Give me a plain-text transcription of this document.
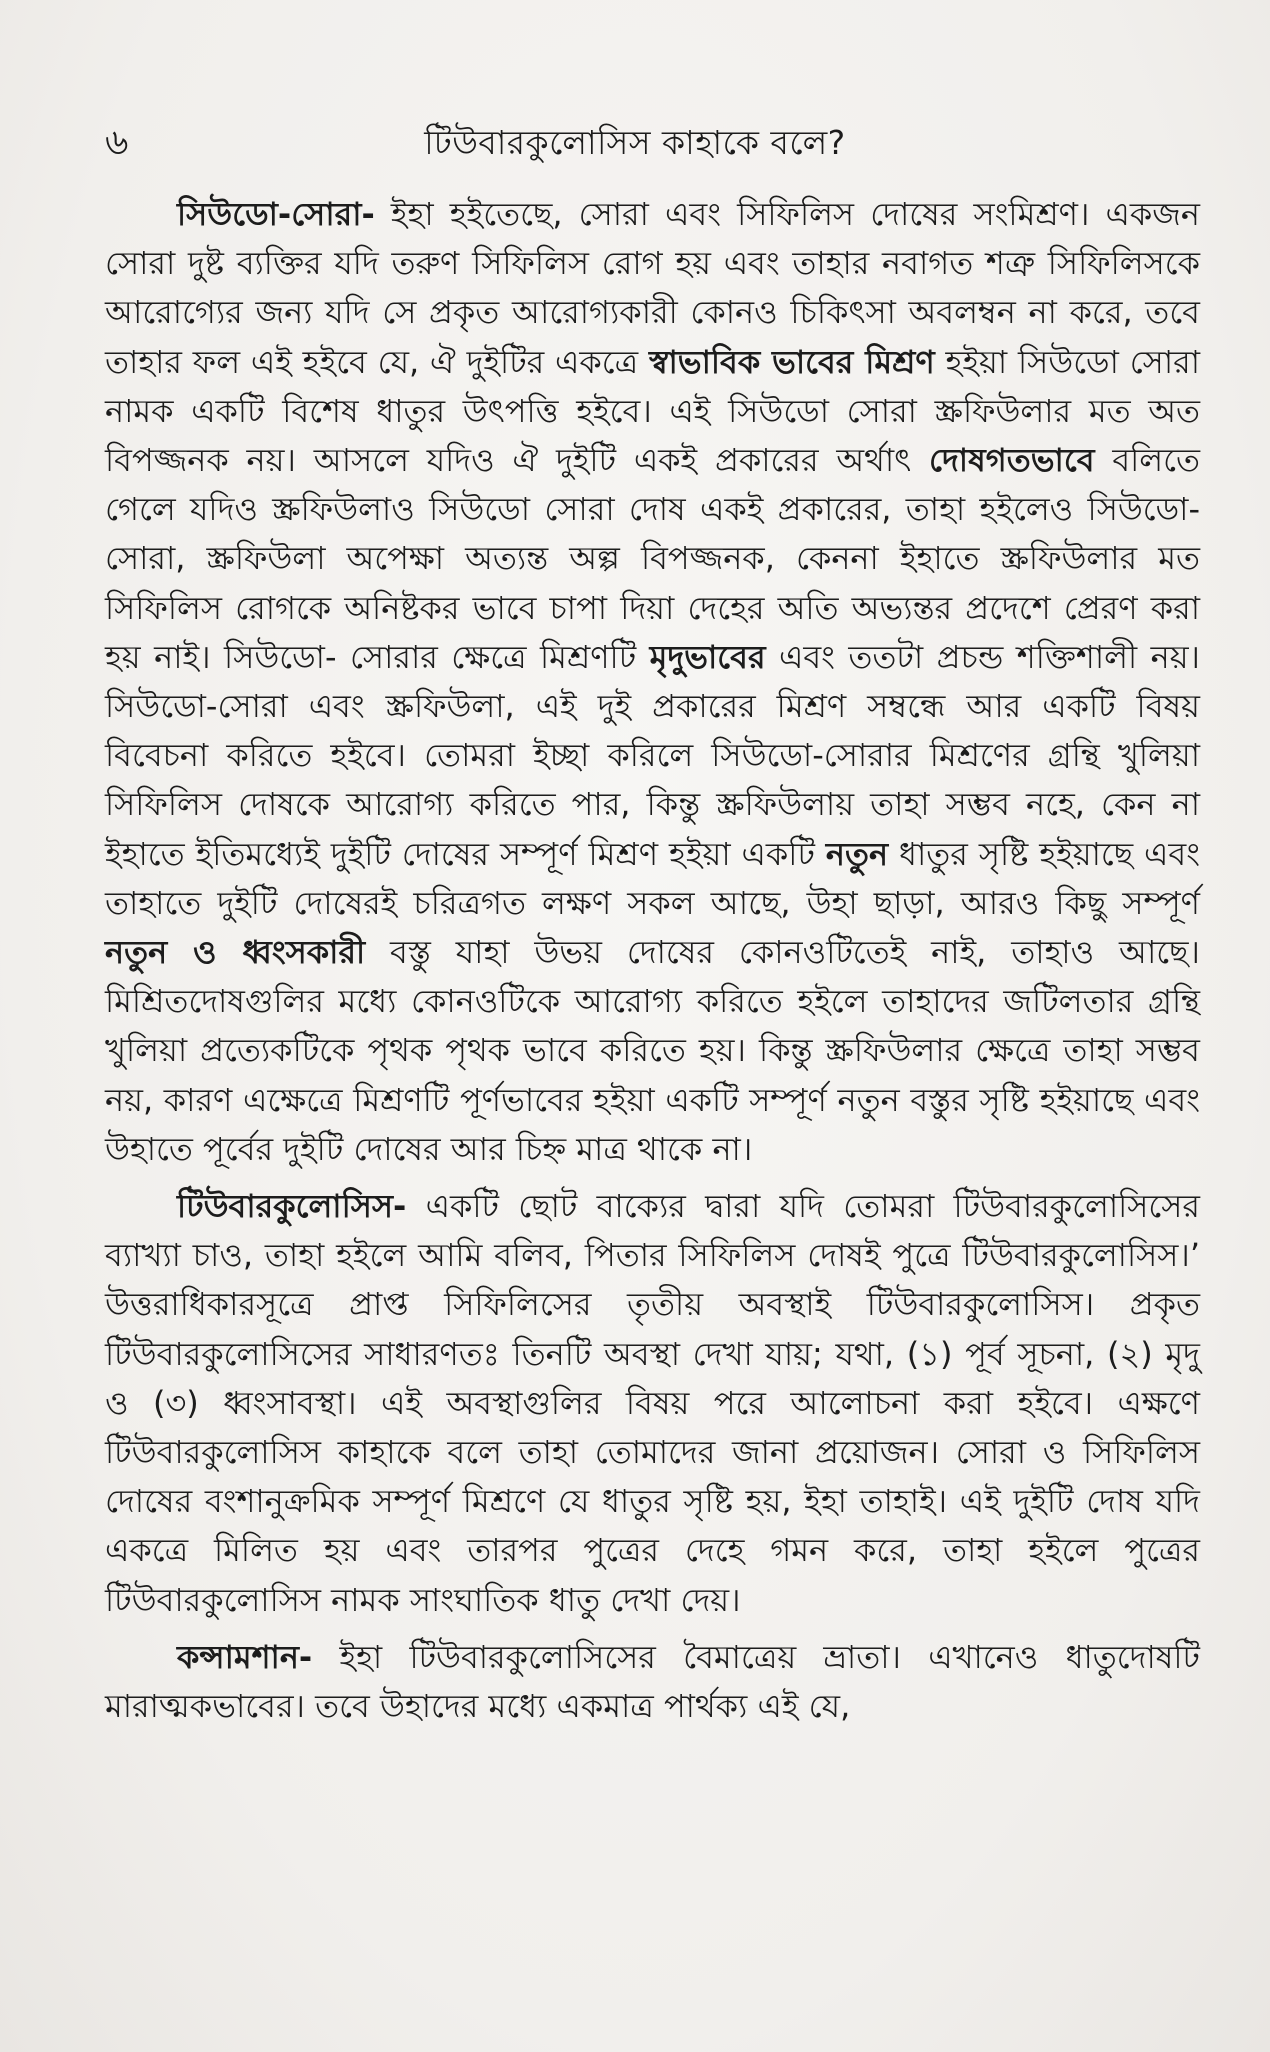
৬	টিউবারকুলোসিস কাহাকে বলে?

সিউডো-সোরা- ইহা হইতেছে, সোরা এবং সিফিলিস দোষের সংমিশ্রণ। একজন সোরা দুষ্ট ব্যক্তির যদি তরুণ সিফিলিস রোগ হয় এবং তাহার নবাগত শত্রু সিফিলিসকে আরোগ্যের জন্য যদি সে প্রকৃত আরোগ্যকারী কোনও চিকিৎসা অবলম্বন না করে, তবে তাহার ফল এই হইবে যে, ঐ দুইটির একত্রে স্বাভাবিক ভাবের মিশ্রণ হইয়া সিউডো সোরা নামক একটি বিশেষ ধাতুর উৎপত্তি হইবে। এই সিউডো সোরা স্ক্রফিউলার মত অত বিপজ্জনক নয়। আসলে যদিও ঐ দুইটি একই প্রকারের অর্থাৎ দোষগতভাবে বলিতে গেলে যদিও স্ক্রফিউলাও সিউডো সোরা দোষ একই প্রকারের, তাহা হইলেও সিউডো-সোরা, স্ক্রফিউলা অপেক্ষা অত্যন্ত অল্প বিপজ্জনক, কেননা ইহাতে স্ক্রফিউলার মত সিফিলিস রোগকে অনিষ্টকর ভাবে চাপা দিয়া দেহের অতি অভ্যন্তর প্রদেশে প্রেরণ করা হয় নাই। সিউডো- সোরার ক্ষেত্রে মিশ্রণটি মৃদুভাবের এবং ততটা প্রচন্ড শক্তিশালী নয়। সিউডো-সোরা এবং স্ক্রফিউলা, এই দুই প্রকারের মিশ্রণ সম্বন্ধে আর একটি বিষয় বিবেচনা করিতে হইবে। তোমরা ইচ্ছা করিলে সিউডো-সোরার মিশ্রণের গ্রন্থি খুলিয়া সিফিলিস দোষকে আরোগ্য করিতে পার, কিন্তু স্ক্রফিউলায় তাহা সম্ভব নহে, কেন না ইহাতে ইতিমধ্যেই দুইটি দোষের সম্পূর্ণ মিশ্রণ হইয়া একটি নতুন ধাতুর সৃষ্টি হইয়াছে এবং তাহাতে দুইটি দোষেরই চরিত্রগত লক্ষণ সকল আছে, উহা ছাড়া, আরও কিছু সম্পূর্ণ নতুন ও ধ্বংসকারী বস্তু যাহা উভয় দোষের কোনওটিতেই নাই, তাহাও আছে। মিশ্রিতদোষগুলির মধ্যে কোনওটিকে আরোগ্য করিতে হইলে তাহাদের জটিলতার গ্রন্থি খুলিয়া প্রত্যেকটিকে পৃথক পৃথক ভাবে করিতে হয়। কিন্তু স্ক্রফিউলার ক্ষেত্রে তাহা সম্ভব নয়, কারণ এক্ষেত্রে মিশ্রণটি পূর্ণভাবের হইয়া একটি সম্পূর্ণ নতুন বস্তুর সৃষ্টি হইয়াছে এবং উহাতে পূর্বের দুইটি দোষের আর চিহ্ন মাত্র থাকে না।

টিউবারকুলোসিস- একটি ছোট বাক্যের দ্বারা যদি তোমরা টিউবারকুলোসিসের ব্যাখ্যা চাও, তাহা হইলে আমি বলিব, পিতার সিফিলিস দোষই পুত্রে টিউবারকুলোসিস।’ উত্তরাধিকারসূত্রে প্রাপ্ত সিফিলিসের তৃতীয় অবস্থাই টিউবারকুলোসিস। প্রকৃত টিউবারকুলোসিসের সাধারণতঃ তিনটি অবস্থা দেখা যায়; যথা, (১) পূর্ব সূচনা, (২) মৃদু ও (৩) ধ্বংসাবস্থা। এই অবস্থাগুলির বিষয় পরে আলোচনা করা হইবে। এক্ষণে টিউবারকুলোসিস কাহাকে বলে তাহা তোমাদের জানা প্রয়োজন। সোরা ও সিফিলিস দোষের বংশানুক্রমিক সম্পূর্ণ মিশ্রণে যে ধাতুর সৃষ্টি হয়, ইহা তাহাই। এই দুইটি দোষ যদি একত্রে মিলিত হয় এবং তারপর পুত্রের দেহে গমন করে, তাহা হইলে পুত্রের টিউবারকুলোসিস নামক সাংঘাতিক ধাতু দেখা দেয়।

কন্সামশান- ইহা টিউবারকুলোসিসের বৈমাত্রেয় ভ্রাতা। এখানেও ধাতুদোষটি মারাত্মকভাবের। তবে উহাদের মধ্যে একমাত্র পার্থক্য এই যে,
